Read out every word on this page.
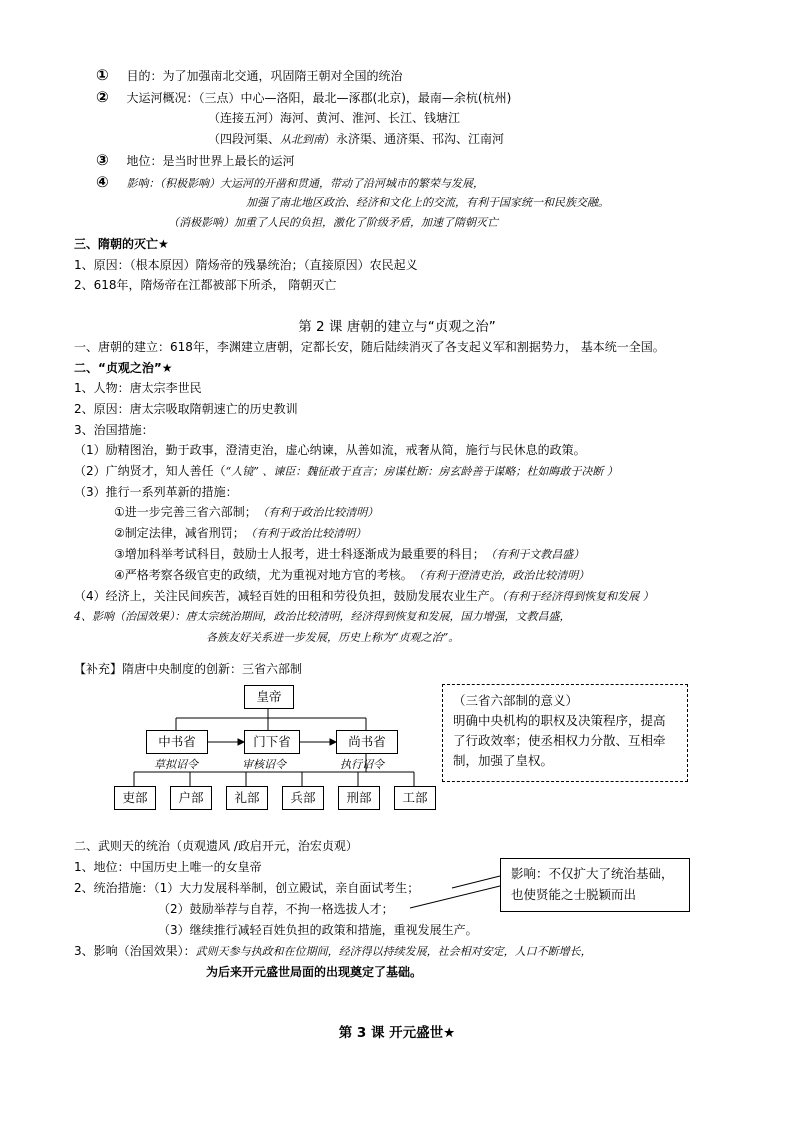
① 目的：为了加强南北交通，巩固隋王朝对全国的统治
② 大运河概况：（三点）中心—洛阳，最北—涿郡(北京)，最南—余杭(杭州)
（连接五河）海河、黄河、淮河、长江、钱塘江
（四段河渠、从北到南）永济渠、通济渠、邗沟、江南河
③ 地位：是当时世界上最长的运河
④ 影响：（积极影响）大运河的开凿和贯通，带动了沿河城市的繁荣与发展，
加强了南北地区政治、经济和文化上的交流，有利于国家统一和民族交融。
（消极影响）加重了人民的负担，激化了阶级矛盾，加速了隋朝灭亡
三、隋朝的灭亡★
1、原因：（根本原因）隋炀帝的残暴统治；（直接原因）农民起义
2、618年，隋炀帝在江都被部下所杀， 隋朝灭亡
第 2 课 唐朝的建立与“贞观之治”
一、唐朝的建立：618年，李渊建立唐朝，定都长安，随后陆续消灭了各支起义军和割据势力， 基本统一全国。
二、“贞观之治”★
1、人物：唐太宗李世民
2、原因：唐太宗吸取隋朝速亡的历史教训
3、治国措施：
（1）励精图治，勤于政事，澄清吏治，虚心纳谏，从善如流，戒奢从简，施行与民休息的政策。
（2）广纳贤才，知人善任（“人镜” 、谏臣：魏征敢于直言；房谋杜断：房玄龄善于谋略；杜如晦敢于决断 ）
（3）推行一系列革新的措施：
①进一步完善三省六部制； （有利于政治比较清明）
②制定法律，减省刑罚； （有利于政治比较清明）
③增加科举考试科目，鼓励士人报考，进士科逐渐成为最重要的科目； （有利于文教昌盛）
④严格考察各级官吏的政绩，尤为重视对地方官的考核。 （有利于澄清吏治，政治比较清明）
（4）经济上，关注民间疾苦，减轻百姓的田租和劳役负担，鼓励发展农业生产。（有利于经济得到恢复和发展 ）
4、影响（治国效果）：唐太宗统治期间，政治比较清明，经济得到恢复和发展，国力增强，文教昌盛，
各族友好关系进一步发展，历史上称为“贞观之治”。
【补充】隋唐中央制度的创新：三省六部制
皇帝
中书省	门下省	尚书省
草拟诏令	审核诏令	执行诏令
吏部	户部	礼部	兵部	刑部	工部
（三省六部制的意义）
明确中央机构的职权及决策程序，提高了行政效率；使丞相权力分散、互相牵制，加强了皇权。
二、武则天的统治（贞观遗风 /政启开元，治宏贞观）
1、地位：中国历史上唯一的女皇帝
2、统治措施：（1）大力发展科举制，创立殿试，亲自面试考生；
（2）鼓励举荐与自荐，不拘一格选拔人才；
（3）继续推行减轻百姓负担的政策和措施，重视发展生产。
影响：不仅扩大了统治基础，也使贤能之士脱颖而出
3、影响（治国效果）：武则天参与执政和在位期间，经济得以持续发展，社会相对安定，人口不断增长，
为后来开元盛世局面的出现奠定了基础。
第 3 课 开元盛世★
